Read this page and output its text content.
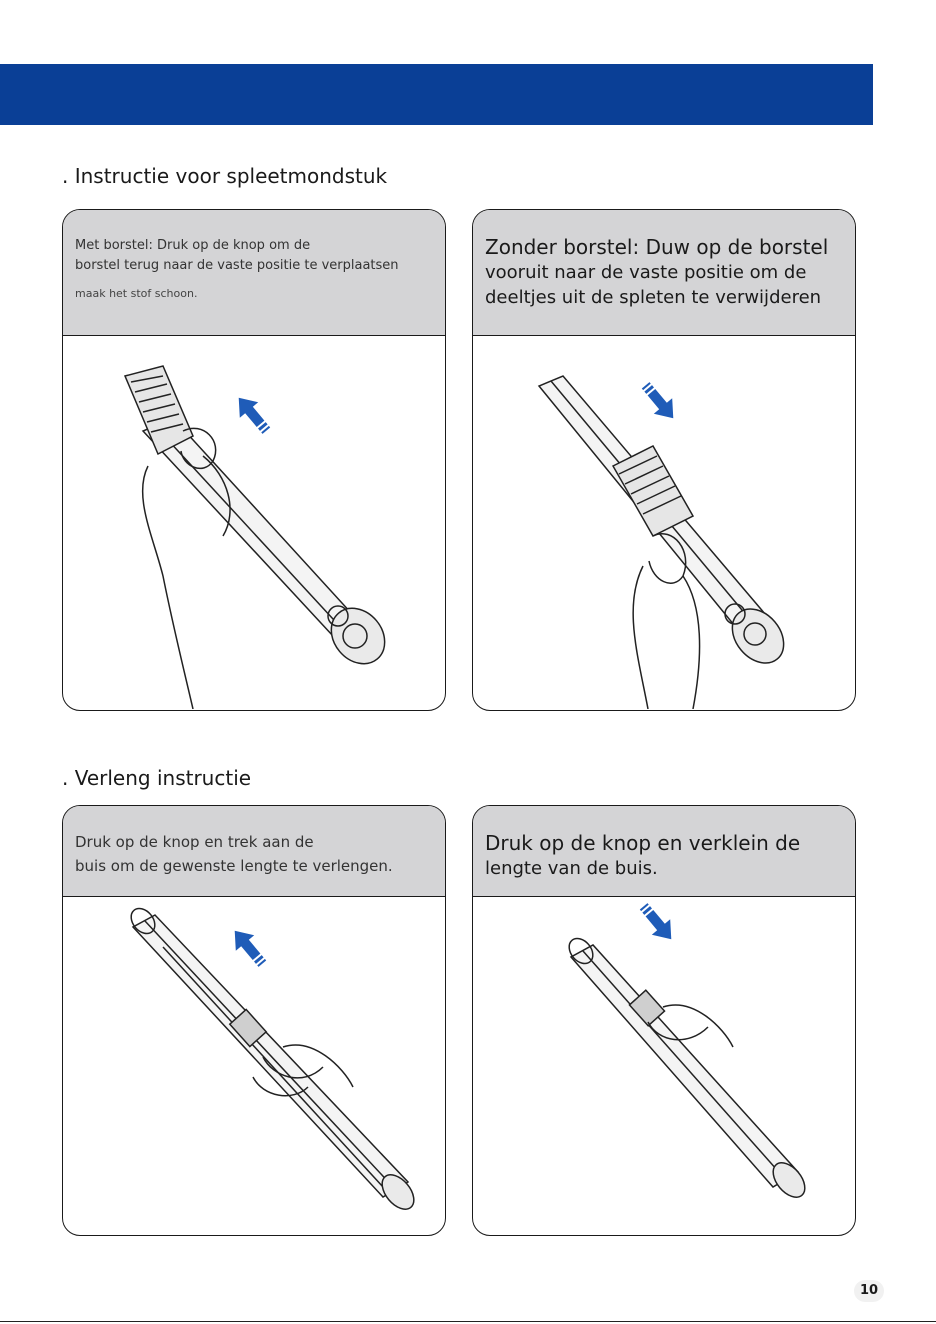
. Instructie voor spleetmondstuk

Met borstel: Druk op de knop om de

borstel terug naar de vaste positie te verplaatsen

maak het stof schoon.

Zonder borstel: Duw op de borstel

vooruit naar de vaste positie om de

deeltjes uit de spleten te verwijderen

. Verleng instructie

Druk op de knop en trek aan de

buis om de gewenste lengte te verlengen.

Druk op de knop en verklein de

lengte van de buis.

10
